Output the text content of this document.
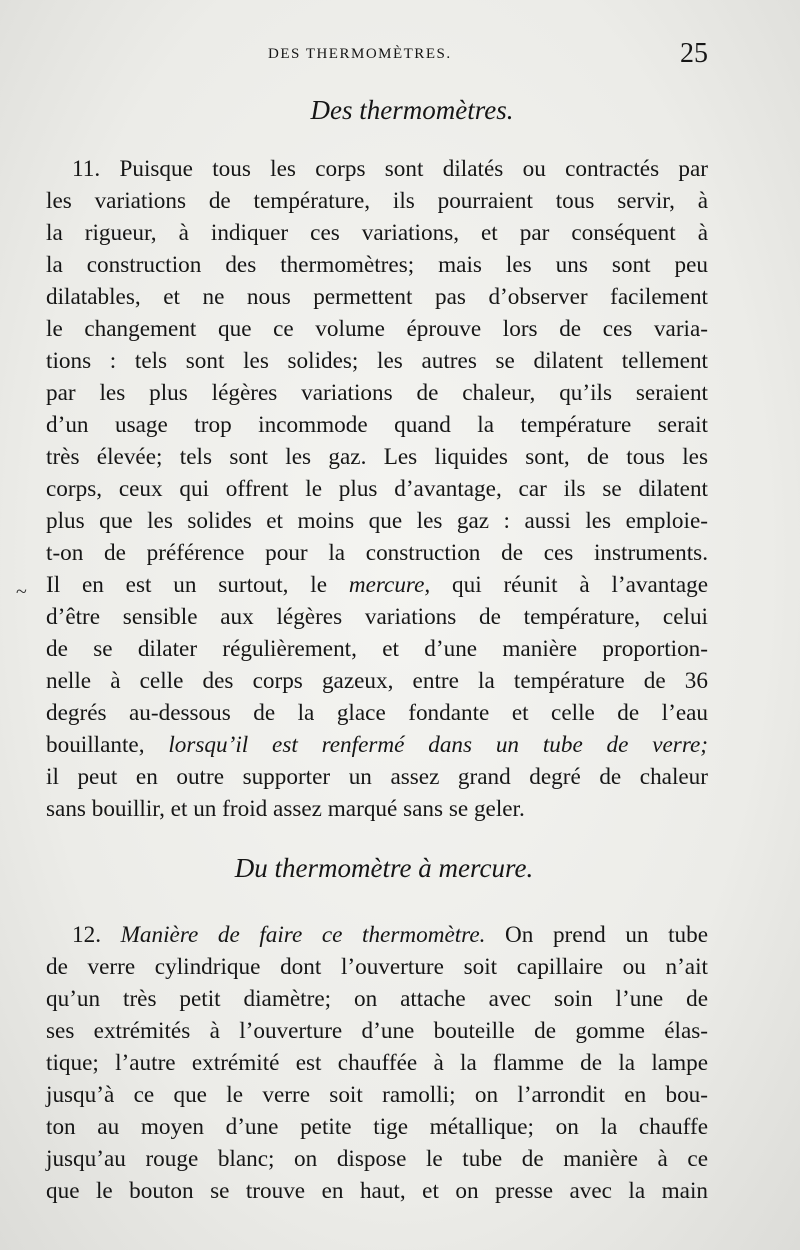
DES THERMOMÈTRES.	25
Des thermomètres.
11. Puisque tous les corps sont dilatés ou contractés par
les variations de température, ils pourraient tous servir, à
la rigueur, à indiquer ces variations, et par conséquent à
la construction des thermomètres; mais les uns sont peu
dilatables, et ne nous permettent pas d’observer facilement
le changement que ce volume éprouve lors de ces varia-
tions : tels sont les solides; les autres se dilatent tellement
par les plus légères variations de chaleur, qu’ils seraient
d’un usage trop incommode quand la température serait
très élevée; tels sont les gaz. Les liquides sont, de tous les
corps, ceux qui offrent le plus d’avantage, car ils se dilatent
plus que les solides et moins que les gaz : aussi les emploie-
t-on de préférence pour la construction de ces instruments.
Il en est un surtout, le mercure, qui réunit à l’avantage
d’être sensible aux légères variations de température, celui
de se dilater régulièrement, et d’une manière proportion-
nelle à celle des corps gazeux, entre la température de 36
degrés au-dessous de la glace fondante et celle de l’eau
bouillante, lorsqu’il est renfermé dans un tube de verre;
il peut en outre supporter un assez grand degré de chaleur
sans bouillir, et un froid assez marqué sans se geler.
~
Du thermomètre à mercure.
12. Manière de faire ce thermomètre. On prend un tube
de verre cylindrique dont l’ouverture soit capillaire ou n’ait
qu’un très petit diamètre; on attache avec soin l’une de
ses extrémités à l’ouverture d’une bouteille de gomme élas-
tique; l’autre extrémité est chauffée à la flamme de la lampe
jusqu’à ce que le verre soit ramolli; on l’arrondit en bou-
ton au moyen d’une petite tige métallique; on la chauffe
jusqu’au rouge blanc; on dispose le tube de manière à ce
que le bouton se trouve en haut, et on presse avec la main
